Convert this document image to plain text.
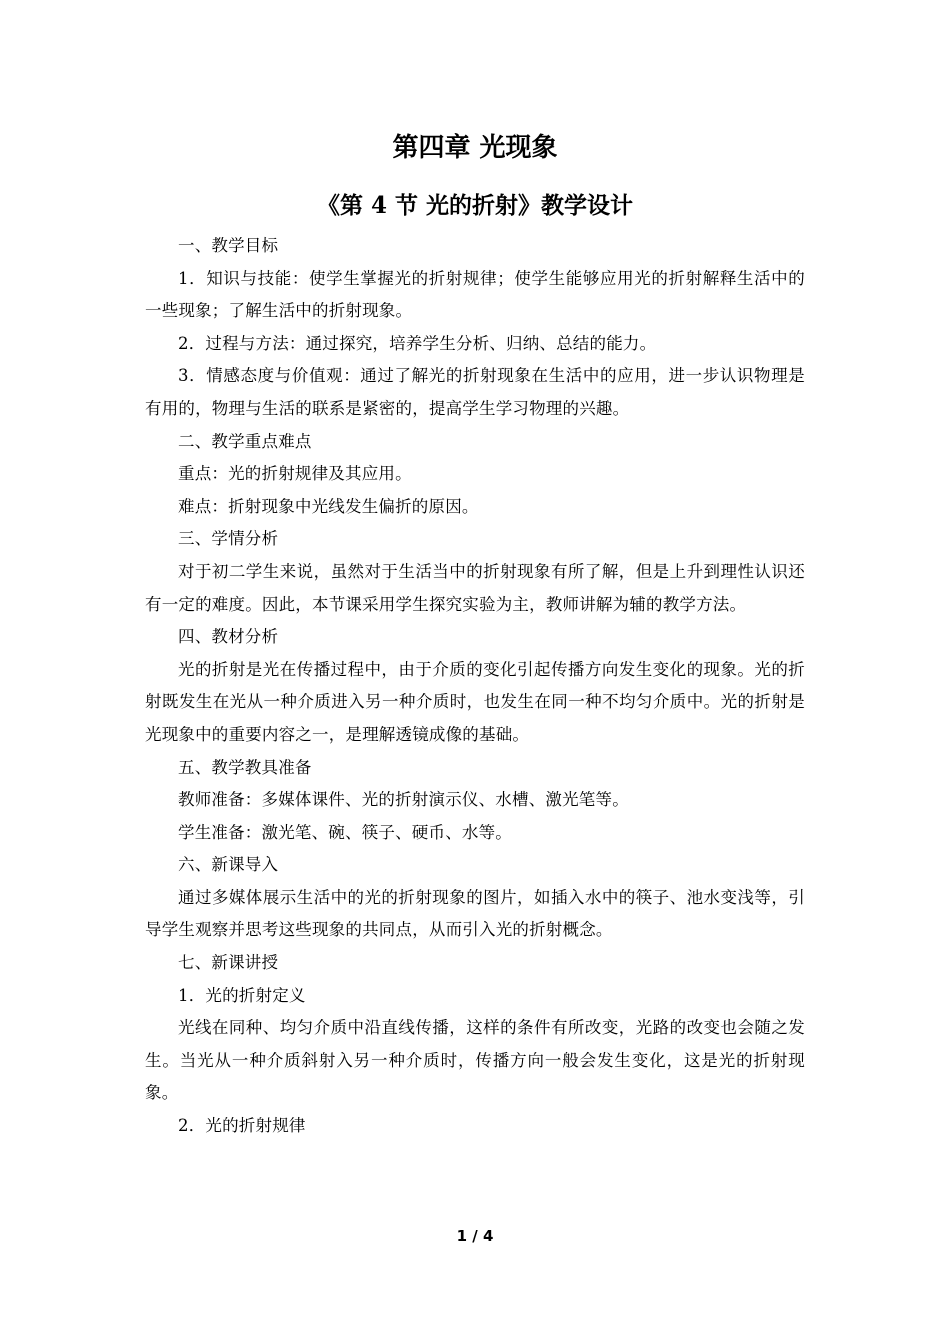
第四章 光现象
《第 4 节 光的折射》教学设计

一、教学目标

1．知识与技能：使学生掌握光的折射规律；使学生能够应用光的折射解释生活中的一些现象；了解生活中的折射现象。

2．过程与方法：通过探究，培养学生分析、归纳、总结的能力。

3．情感态度与价值观：通过了解光的折射现象在生活中的应用，进一步认识物理是有用的，物理与生活的联系是紧密的，提高学生学习物理的兴趣。

二、教学重点难点

重点：光的折射规律及其应用。

难点：折射现象中光线发生偏折的原因。

三、学情分析

对于初二学生来说，虽然对于生活当中的折射现象有所了解，但是上升到理性认识还有一定的难度。因此，本节课采用学生探究实验为主，教师讲解为辅的教学方法。

四、教材分析

光的折射是光在传播过程中，由于介质的变化引起传播方向发生变化的现象。光的折射既发生在光从一种介质进入另一种介质时，也发生在同一种不均匀介质中。光的折射是光现象中的重要内容之一，是理解透镜成像的基础。

五、教学教具准备

教师准备：多媒体课件、光的折射演示仪、水槽、激光笔等。

学生准备：激光笔、碗、筷子、硬币、水等。

六、新课导入

通过多媒体展示生活中的光的折射现象的图片，如插入水中的筷子、池水变浅等，引导学生观察并思考这些现象的共同点，从而引入光的折射概念。

七、新课讲授

1．光的折射定义

光线在同种、均匀介质中沿直线传播，这样的条件有所改变，光路的改变也会随之发生。当光从一种介质斜射入另一种介质时，传播方向一般会发生变化，这是光的折射现象。

2．光的折射规律

1 / 4
